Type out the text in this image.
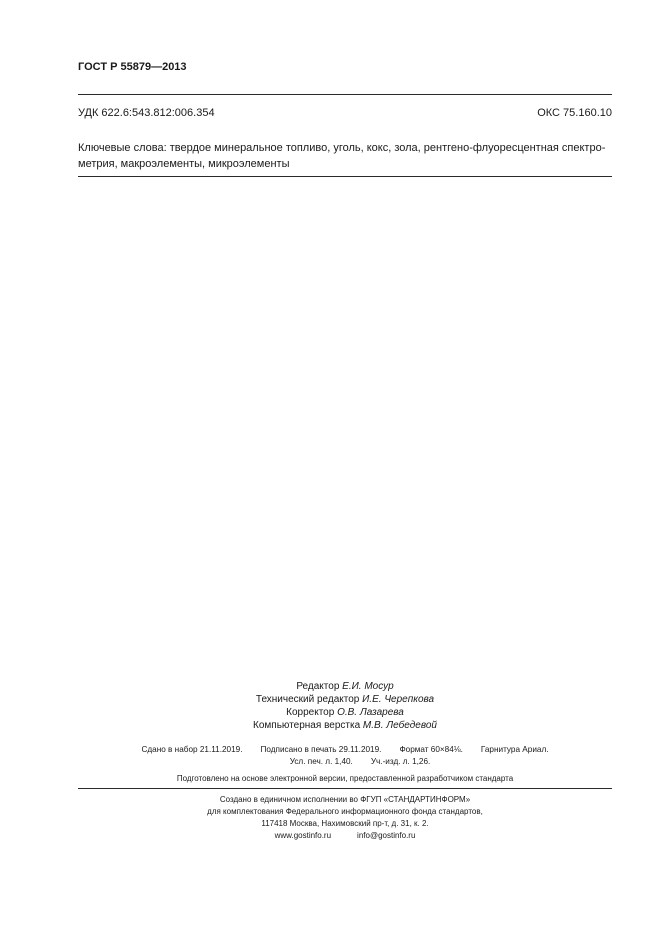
ГОСТ Р 55879—2013
УДК 622.6:543.812:006.354	ОКС 75.160.10
Ключевые слова: твердое минеральное топливо, уголь, кокс, зола, рентгено-флуоресцентная спектро-
метрия, макроэлементы, микроэлементы
Редактор Е.И. Мосур
Технический редактор И.Е. Черепкова
Корректор О.В. Лазарева
Компьютерная верстка М.В. Лебедевой
Сдано в набор 21.11.2019. Подписано в печать 29.11.2019. Формат 60×84⅛. Гарнитура Ариал.
Усл. печ. л. 1,40. Уч.-изд. л. 1,26.
Подготовлено на основе электронной версии, предоставленной разработчиком стандарта
Создано в единичном исполнении во ФГУП «СТАНДАРТИНФОРМ»
для комплектования Федерального информационного фонда стандартов,
117418 Москва, Нахимовский пр-т, д. 31, к. 2.
www.gostinfo.ru	info@gostinfo.ru
